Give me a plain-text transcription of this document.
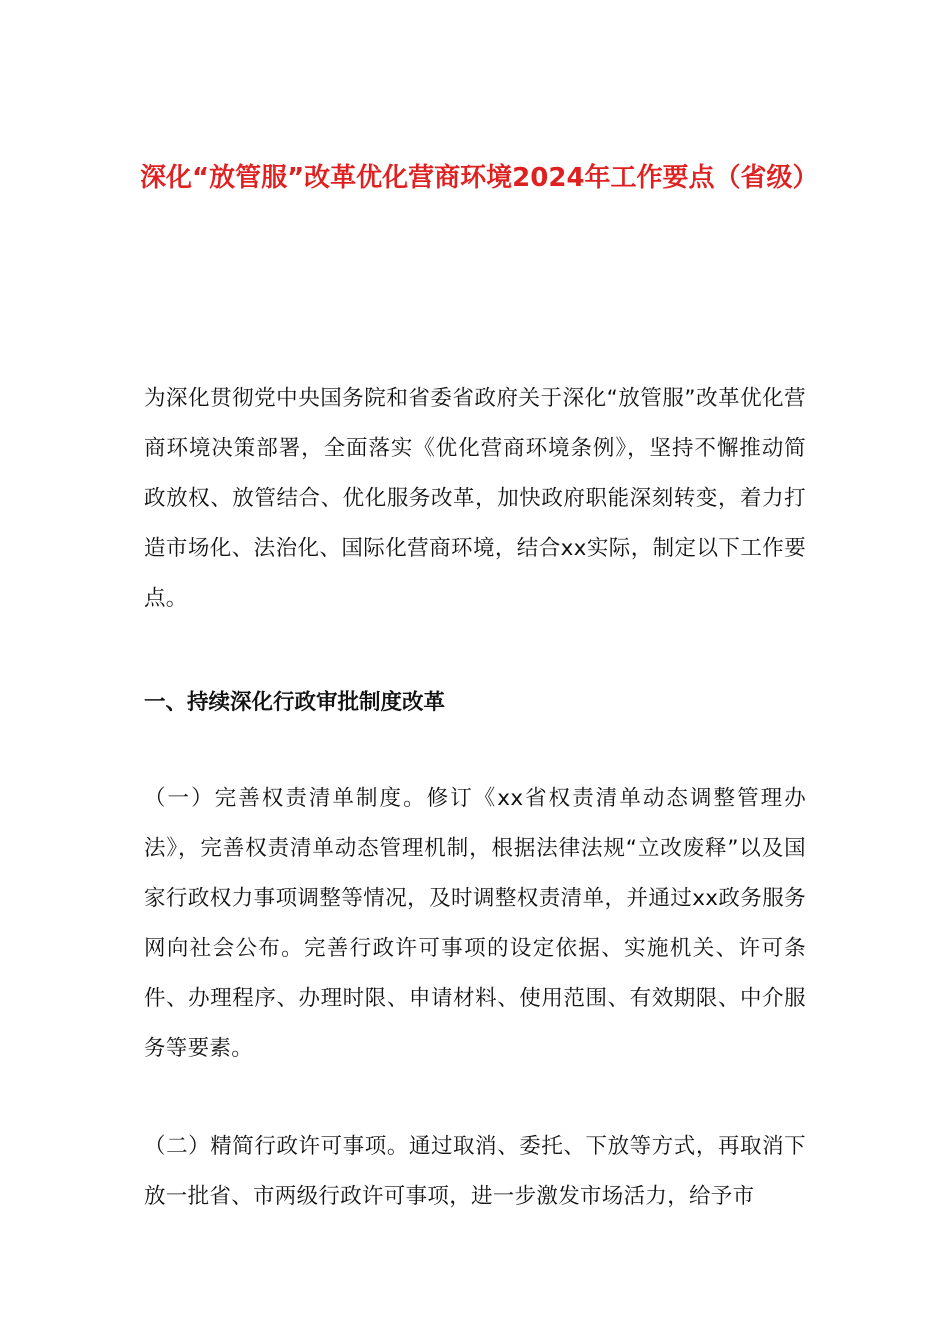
深化“放管服”改革优化营商环境2024年工作要点（省级）

为深化贯彻党中央国务院和省委省政府关于深化“放管服”改革优化营商环境决策部署，全面落实《优化营商环境条例》，坚持不懈推动简政放权、放管结合、优化服务改革，加快政府职能深刻转变，着力打造市场化、法治化、国际化营商环境，结合xx实际，制定以下工作要点。

一、持续深化行政审批制度改革

（一）完善权责清单制度。修订《xx省权责清单动态调整管理办法》，完善权责清单动态管理机制，根据法律法规“立改废释”以及国家行政权力事项调整等情况，及时调整权责清单，并通过xx政务服务网向社会公布。完善行政许可事项的设定依据、实施机关、许可条件、办理程序、办理时限、申请材料、使用范围、有效期限、中介服务等要素。

（二）精简行政许可事项。通过取消、委托、下放等方式，再取消下放一批省、市两级行政许可事项，进一步激发市场活力，给予市
